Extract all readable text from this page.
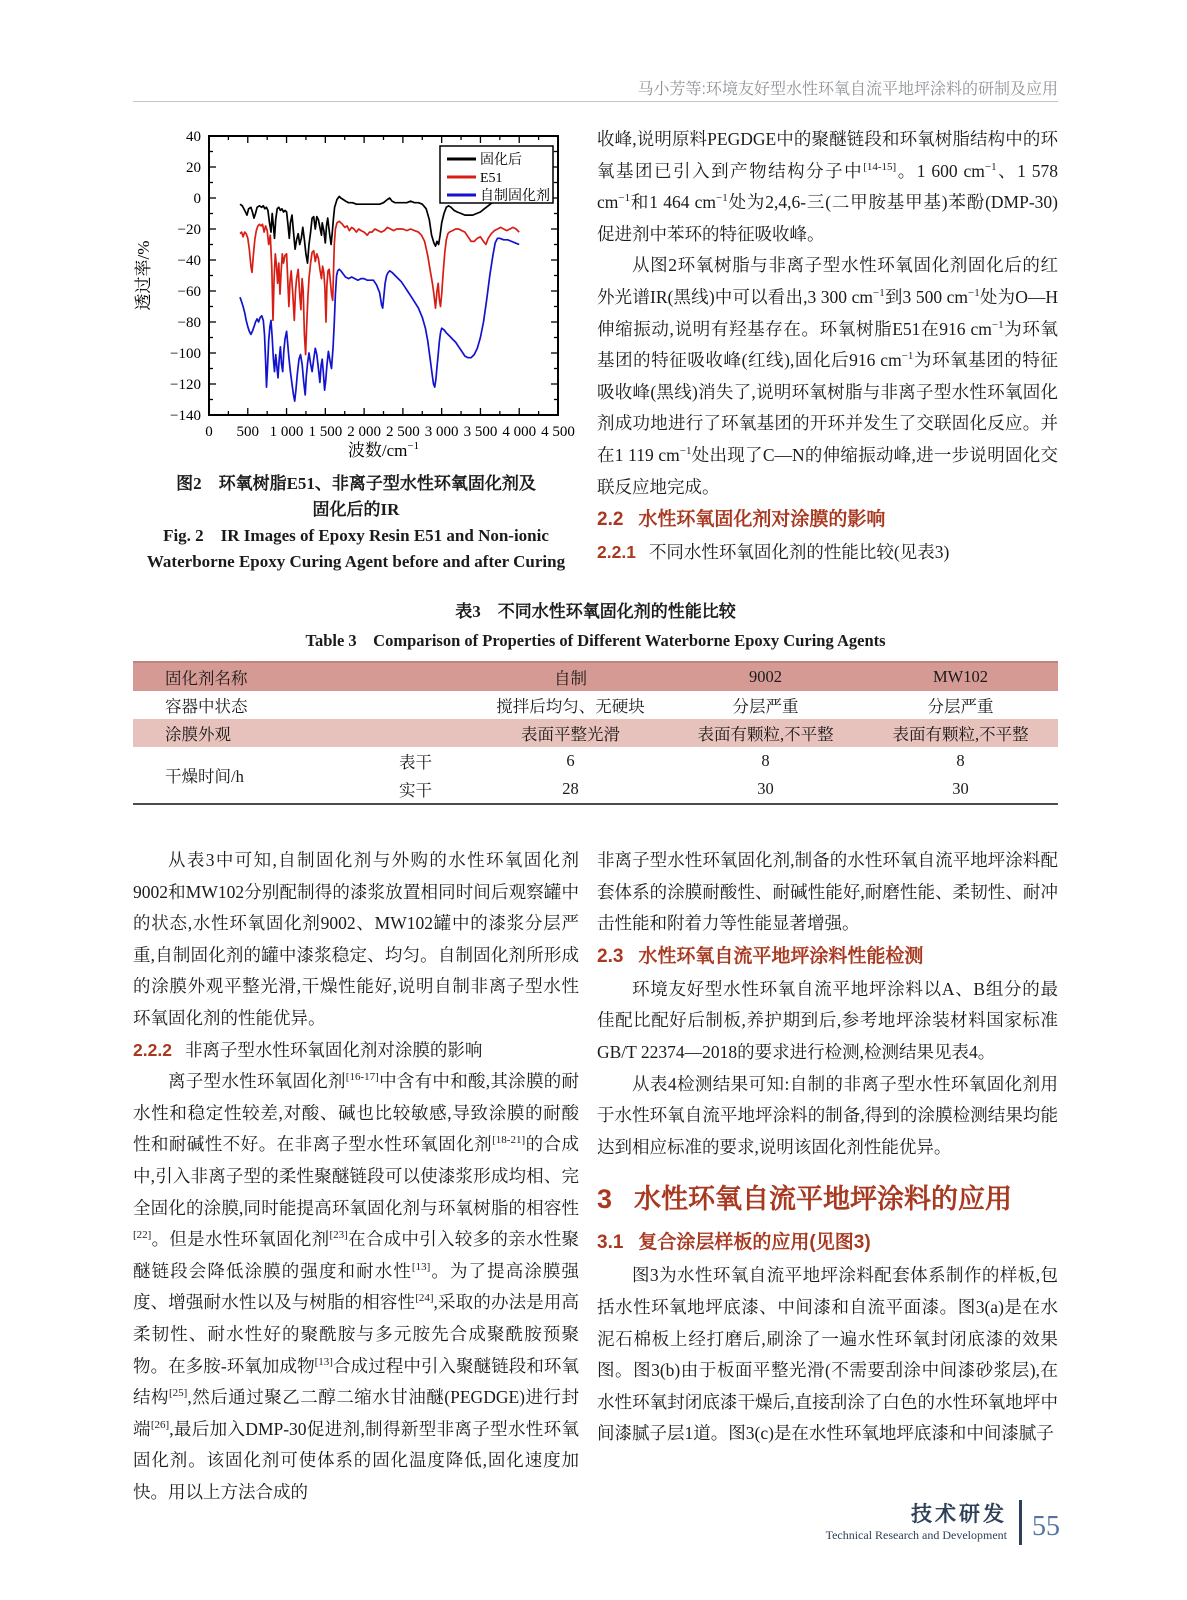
马小芳等:环境友好型水性环氧自流平地坪涂料的研制及应用
0 500 1 000 1 500 2 000 2 500 3 000 3 500 4 000 4 500
40
20
0
−20
−40
−60
−80
−100
−120
−140
固化后
E51
自制固化剂
波数$/cm^{-1}$
透过率/%
图2　环氧树脂E51、非离子型水性环氧固化剂及
固化后的IR
Fig. 2　IR Images of Epoxy Resin E51 and Non-ionic
Waterborne Epoxy Curing Agent before and after Curing

收峰,说明原料PEGDGE中的聚醚链段和环氧树脂结构中的环氧基团已引入到产物结构分子中[14-15]。1 600 $cm^{-1}$、1 578 $cm^{-1}$和1 464 $cm^{-1}$处为2,4,6-三(二甲胺基甲基)苯酚(DMP-30)促进剂中苯环的特征吸收峰。

从图2环氧树脂与非离子型水性环氧固化剂固化后的红外光谱IR(黑线)中可以看出,3 300 $cm^{-1}$到3 500 $cm^{-1}$处为O—H伸缩振动,说明有羟基存在。环氧树脂E51在916 $cm^{-1}$为环氧基团的特征吸收峰(红线),固化后916 $cm^{-1}$为环氧基团的特征吸收峰(黑线)消失了,说明环氧树脂与非离子型水性环氧固化剂成功地进行了环氧基团的开环并发生了交联固化反应。并在1 119 $cm^{-1}$处出现了C—N的伸缩振动峰,进一步说明固化交联反应地完成。

2.2 水性环氧固化剂对涂膜的影响

2.2.1 不同水性环氧固化剂的性能比较(见表3)

表3　不同水性环氧固化剂的性能比较
Table 3　Comparison of Properties of Different Waterborne Epoxy Curing Agents
固化剂名称		自制	9002	MW102
容器中状态		搅拌后均匀、无硬块	分层严重	分层严重
涂膜外观		表面平整光滑	表面有颗粒,不平整	表面有颗粒,不平整
干燥时间/h	表干	6	8	8
	实干	28	30	30

从表3中可知,自制固化剂与外购的水性环氧固化剂9002和MW102分别配制得的漆浆放置相同时间后观察罐中的状态,水性环氧固化剂9002、MW102罐中的漆浆分层严重,自制固化剂的罐中漆浆稳定、均匀。自制固化剂所形成的涂膜外观平整光滑,干燥性能好,说明自制非离子型水性环氧固化剂的性能优异。

2.2.2 非离子型水性环氧固化剂对涂膜的影响

离子型水性环氧固化剂[16-17]中含有中和酸,其涂膜的耐水性和稳定性较差,对酸、碱也比较敏感,导致涂膜的耐酸性和耐碱性不好。在非离子型水性环氧固化剂[18-21]的合成中,引入非离子型的柔性聚醚链段可以使漆浆形成均相、完全固化的涂膜,同时能提高环氧固化剂与环氧树脂的相容性[22]。但是水性环氧固化剂[23]在合成中引入较多的亲水性聚醚链段会降低涂膜的强度和耐水性[13]。为了提高涂膜强度、增强耐水性以及与树脂的相容性[24],采取的办法是用高柔韧性、耐水性好的聚酰胺与多元胺先合成聚酰胺预聚物。在多胺-环氧加成物[13]合成过程中引入聚醚链段和环氧结构[25],然后通过聚乙二醇二缩水甘油醚(PEGDGE)进行封端[26],最后加入DMP-30促进剂,制得新型非离子型水性环氧固化剂。该固化剂可使体系的固化温度降低,固化速度加快。用以上方法合成的

非离子型水性环氧固化剂,制备的水性环氧自流平地坪涂料配套体系的涂膜耐酸性、耐碱性能好,耐磨性能、柔韧性、耐冲击性能和附着力等性能显著增强。

2.3 水性环氧自流平地坪涂料性能检测

环境友好型水性环氧自流平地坪涂料以A、B组分的最佳配比配好后制板,养护期到后,参考地坪涂装材料国家标准GB/T 22374—2018的要求进行检测,检测结果见表4。

从表4检测结果可知:自制的非离子型水性环氧固化剂用于水性环氧自流平地坪涂料的制备,得到的涂膜检测结果均能达到相应标准的要求,说明该固化剂性能优异。

3 水性环氧自流平地坪涂料的应用
3.1 复合涂层样板的应用(见图3)

图3为水性环氧自流平地坪涂料配套体系制作的样板,包括水性环氧地坪底漆、中间漆和自流平面漆。图3(a)是在水泥石棉板上经打磨后,刷涂了一遍水性环氧封闭底漆的效果图。图3(b)由于板面平整光滑(不需要刮涂中间漆砂浆层),在水性环氧封闭底漆干燥后,直接刮涂了白色的水性环氧地坪中间漆腻子层1道。图3(c)是在水性环氧地坪底漆和中间漆腻子

技术研发
Technical Research and Development 55
